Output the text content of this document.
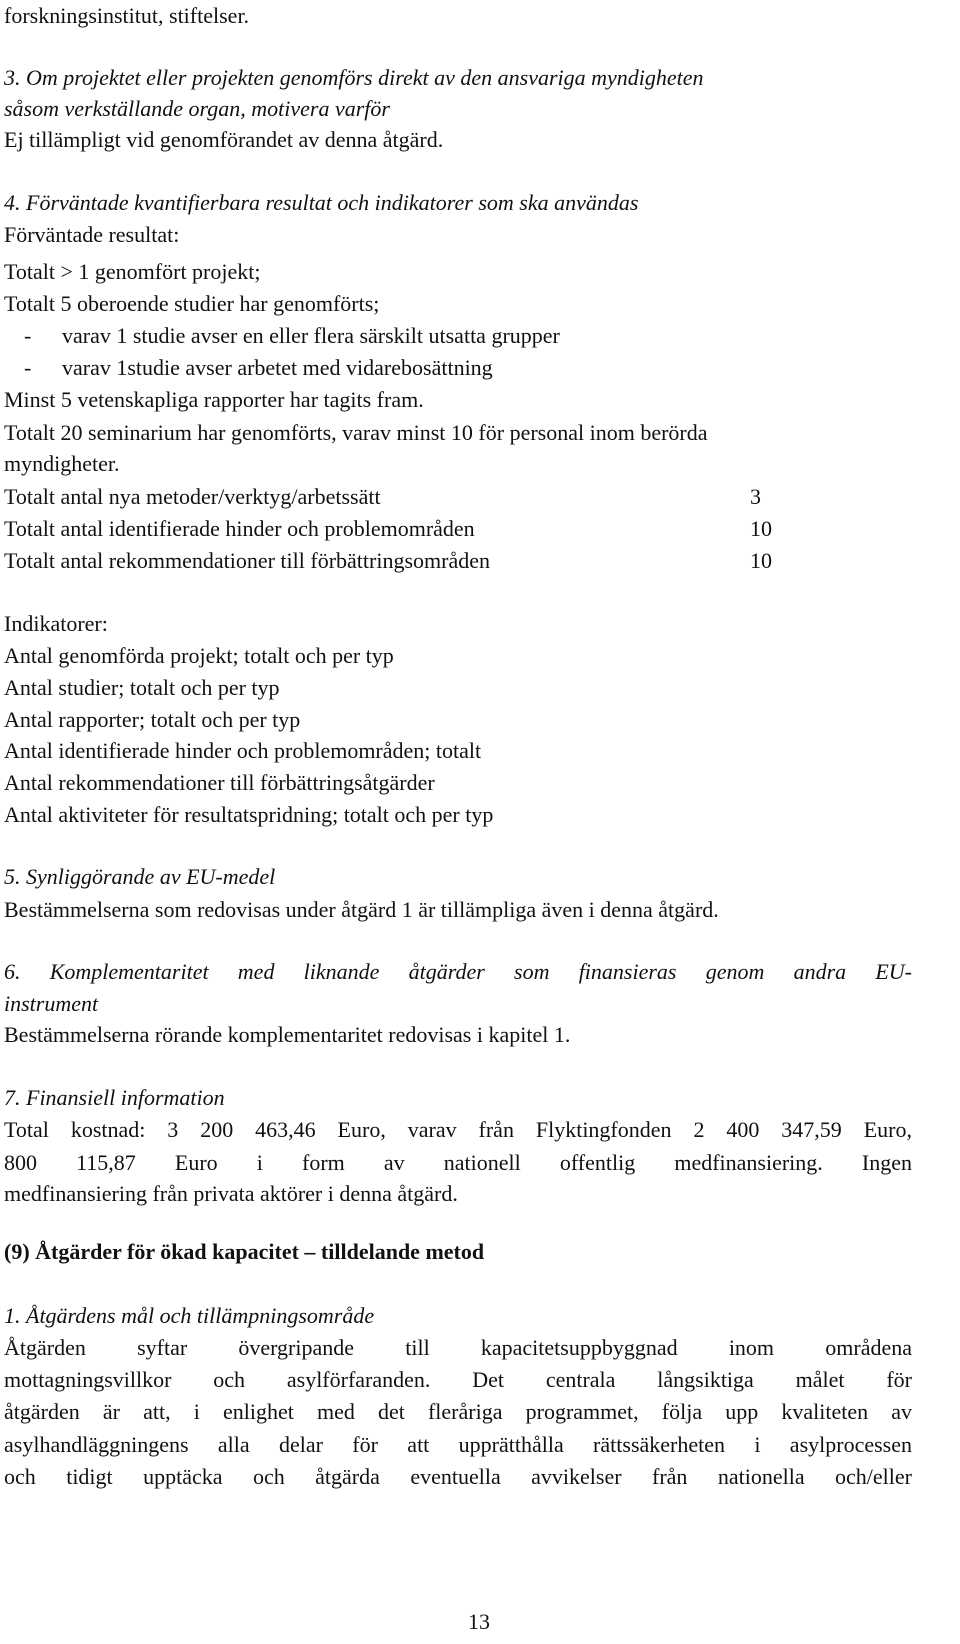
forskningsinstitut, stiftelser.
3. Om projektet eller projekten genomförs direkt av den ansvariga myndigheten
såsom verkställande organ, motivera varför
Ej tillämpligt vid genomförandet av denna åtgärd.
4. Förväntade kvantifierbara resultat och indikatorer som ska användas
Förväntade resultat:
Totalt > 1 genomfört projekt;
Totalt 5 oberoende studier har genomförts;
- varav 1 studie avser en eller flera särskilt utsatta grupper
- varav 1studie avser arbetet med vidarebosättning
Minst 5 vetenskapliga rapporter har tagits fram.
Totalt 20 seminarium har genomförts, varav minst 10 för personal inom berörda
myndigheter.
Totalt antal nya metoder/verktyg/arbetssätt	3
Totalt antal identifierade hinder och problemområden	10
Totalt antal rekommendationer till förbättringsområden	10
Indikatorer:
Antal genomförda projekt; totalt och per typ
Antal studier; totalt och per typ
Antal rapporter; totalt och per typ
Antal identifierade hinder och problemområden; totalt
Antal rekommendationer till förbättringsåtgärder
Antal aktiviteter för resultatspridning; totalt och per typ
5. Synliggörande av EU-medel
Bestämmelserna som redovisas under åtgärd 1 är tillämpliga även i denna åtgärd.
6. Komplementaritet med liknande åtgärder som finansieras genom andra EU-
instrument
Bestämmelserna rörande komplementaritet redovisas i kapitel 1.
7. Finansiell information
Total kostnad: 3 200 463,46 Euro, varav från Flyktingfonden 2 400 347,59 Euro,
800 115,87 Euro i form av nationell offentlig medfinansiering. Ingen
medfinansiering från privata aktörer i denna åtgärd.
(9) Åtgärder för ökad kapacitet – tilldelande metod
1. Åtgärdens mål och tillämpningsområde
Åtgärden syftar övergripande till kapacitetsuppbyggnad inom områdena
mottagningsvillkor och asylförfaranden. Det centrala långsiktiga målet för
åtgärden är att, i enlighet med det fleråriga programmet, följa upp kvaliteten av
asylhandläggningens alla delar för att upprätthålla rättssäkerheten i asylprocessen
och tidigt upptäcka och åtgärda eventuella avvikelser från nationella och/eller
13
